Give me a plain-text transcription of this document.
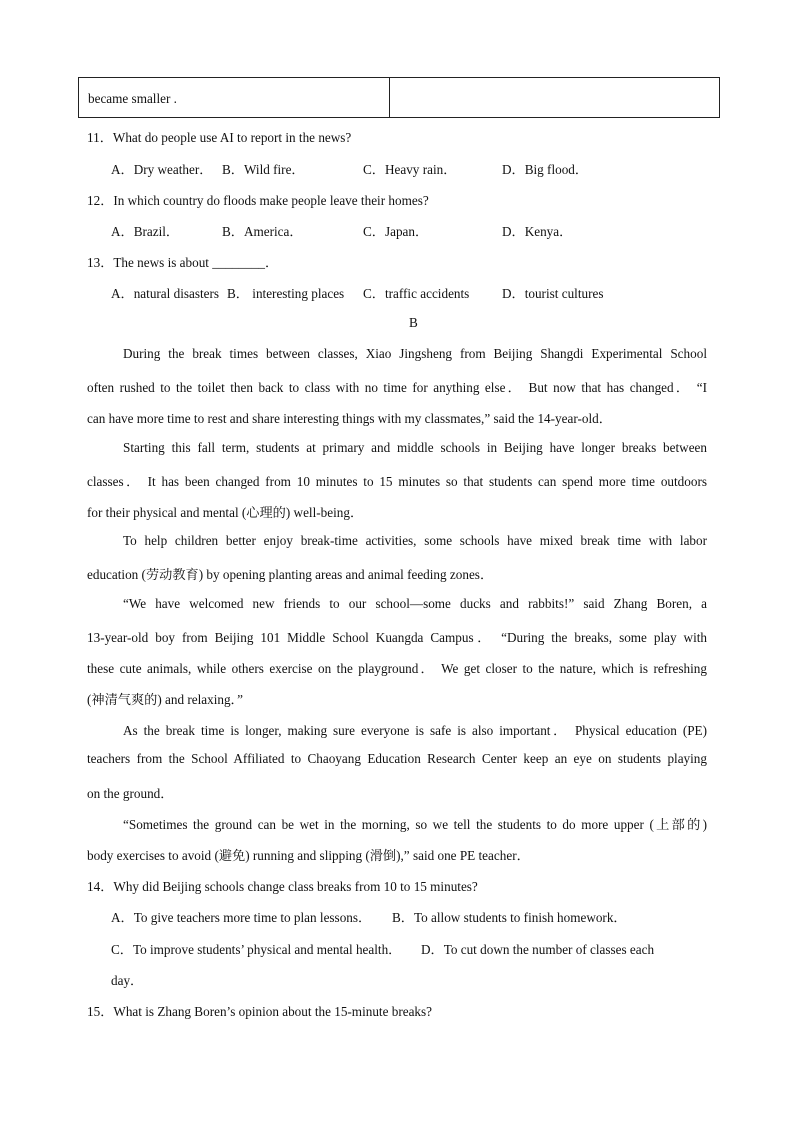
became smaller .
11．What do people use AI to report in the news?
A．Dry weather． B．Wild fire．	C．Heavy rain．	D．Big flood．
12．In which country do floods make people leave their homes?
A．Brazil．	B．America．	C．Japan．	D．Kenya．
13．The news is about ________．
A．natural disasters B． interesting places C．traffic accidents D．tourist cultures
B
During the break times between classes, Xiao Jingsheng from Beijing Shangdi Experimental School
often rushed to the toilet then back to class with no time for anything else． But now that has changed． “I
can have more time to rest and share interesting things with my classmates,” said the 14-year-old．
Starting this fall term, students at primary and middle schools in Beijing have longer breaks between
classes． It has been changed from 10 minutes to 15 minutes so that students can spend more time outdoors
for their physical and mental (心理的) well-being．
To help children better enjoy break-time activities, some schools have mixed break time with labor
education (劳动教育) by opening planting areas and animal feeding zones．
“We have welcomed new friends to our school—some ducks and rabbits!” said Zhang Boren, a
13-year-old boy from Beijing 101 Middle School Kuangda Campus． “During the breaks, some play with
these cute animals, while others exercise on the playground． We get closer to the nature, which is refreshing
(神清气爽的) and relaxing．”
As the break time is longer, making sure everyone is safe is also important． Physical education (PE)
teachers from the School Affiliated to Chaoyang Education Research Center keep an eye on students playing
on the ground．
“Sometimes the ground can be wet in the morning, so we tell the students to do more upper (上部的)
body exercises to avoid (避免) running and slipping (滑倒),” said one PE teacher．
14．Why did Beijing schools change class breaks from 10 to 15 minutes?
A．To give teachers more time to plan lessons． B．To allow students to finish homework．
C．To improve students’ physical and mental health． D．To cut down the number of classes each
day．
15．What is Zhang Boren’s opinion about the 15-minute breaks?
